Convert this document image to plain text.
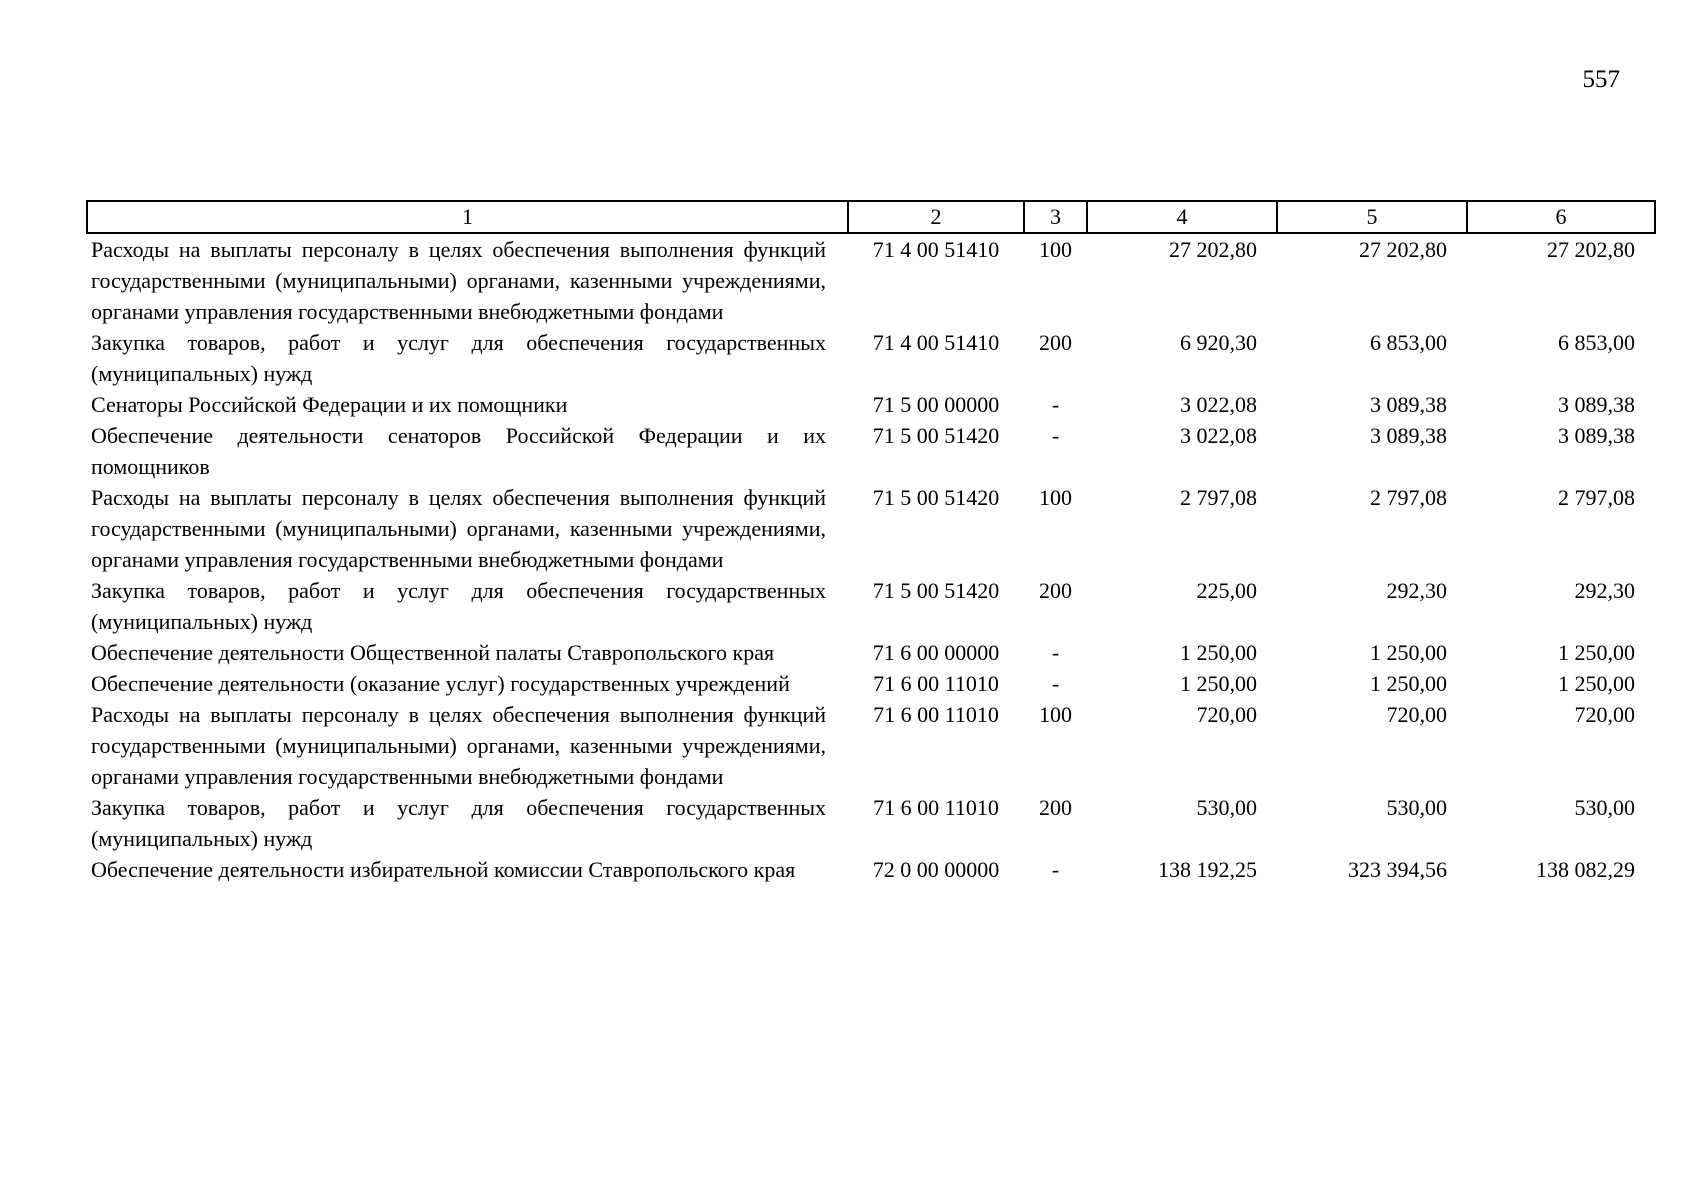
557
1	2	3	4	5	6
Расходы на выплаты персоналу в целях обеспечения выполнения функций государственными (муниципальными) органами, казенными учреждениями, органами управления государственными внебюджетными фондами	71 4 00 51410	100	27 202,80	27 202,80	27 202,80
Закупка товаров, работ и услуг для обеспечения государственных (муниципальных) нужд	71 4 00 51410	200	6 920,30	6 853,00	6 853,00
Сенаторы Российской Федерации и их помощники	71 5 00 00000	-	3 022,08	3 089,38	3 089,38
Обеспечение деятельности сенаторов Российской Федерации и их помощников	71 5 00 51420	-	3 022,08	3 089,38	3 089,38
Расходы на выплаты персоналу в целях обеспечения выполнения функций государственными (муниципальными) органами, казенными учреждениями, органами управления государственными внебюджетными фондами	71 5 00 51420	100	2 797,08	2 797,08	2 797,08
Закупка товаров, работ и услуг для обеспечения государственных (муниципальных) нужд	71 5 00 51420	200	225,00	292,30	292,30
Обеспечение деятельности Общественной палаты Ставропольского края	71 6 00 00000	-	1 250,00	1 250,00	1 250,00
Обеспечение деятельности (оказание услуг) государственных учреждений	71 6 00 11010	-	1 250,00	1 250,00	1 250,00
Расходы на выплаты персоналу в целях обеспечения выполнения функций государственными (муниципальными) органами, казенными учреждениями, органами управления государственными внебюджетными фондами	71 6 00 11010	100	720,00	720,00	720,00
Закупка товаров, работ и услуг для обеспечения государственных (муниципальных) нужд	71 6 00 11010	200	530,00	530,00	530,00
Обеспечение деятельности избирательной комиссии Ставропольского края	72 0 00 00000	-	138 192,25	323 394,56	138 082,29
